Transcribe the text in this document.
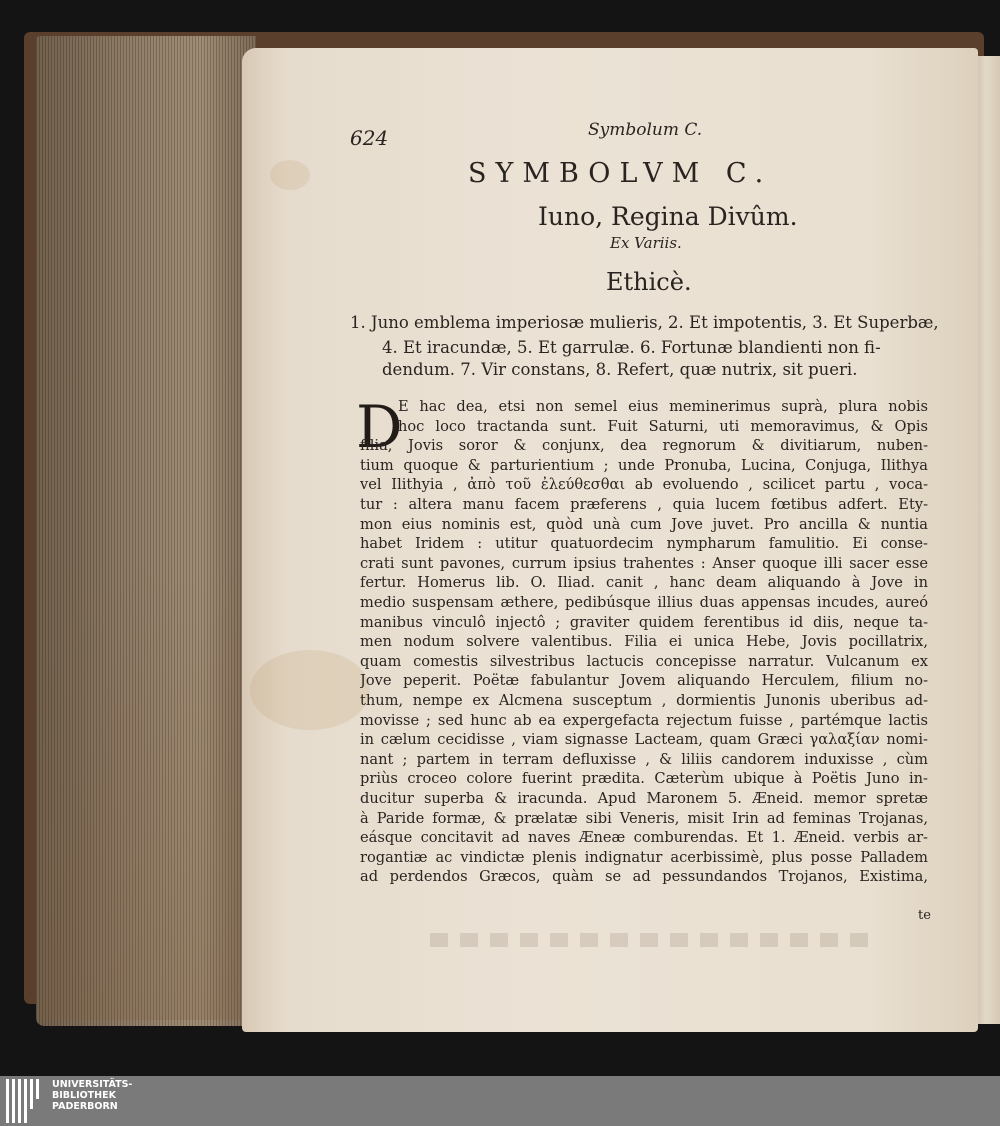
624	Symbolum C.
SYMBOLVM C.
Iuno, Regina Divûm.
Ex Variis.
Ethicè.
1. Juno emblema imperiosæ mulieris, 2. Et impotentis, 3. Et Superbæ,
4. Et iracundæ, 5. Et garrulæ. 6. Fortunæ blandienti non fi-
dendum. 7. Vir constans, 8. Refert, quæ nutrix, sit pueri.
D
E hac dea, etsi non semel eius meminerimus suprà, plura nobis
hoc loco tractanda sunt. Fuit Saturni, uti memoravimus, & Opis
filia, Jovis soror & conjunx, dea regnorum & divitiarum, nuben-
tium quoque & parturientium ; unde Pronuba, Lucina, Conjuga, Ilithya
vel Ilithyia , ἀπὸ τοῦ ἐλεύθεσθαι ab evoluendo , scilicet partu , voca-
tur : altera manu facem præferens , quia lucem fœtibus adfert. Ety-
mon eius nominis est, quòd unà cum Jove juvet. Pro ancilla & nuntia
habet Iridem : utitur quatuordecim nympharum famulitio. Ei conse-
crati sunt pavones, currum ipsius trahentes : Anser quoque illi sacer esse
fertur. Homerus lib. O. Iliad. canit , hanc deam aliquando à Jove in
medio suspensam æthere, pedibúsque illius duas appensas incudes, aureó
manibus vinculô injectô ; graviter quidem ferentibus id diis, neque ta-
men nodum solvere valentibus. Filia ei unica Hebe, Jovis pocillatrix,
quam comestis silvestribus lactucis concepisse narratur. Vulcanum ex
Jove peperit. Poëtæ fabulantur Jovem aliquando Herculem, filium no-
thum, nempe ex Alcmena susceptum , dormientis Junonis uberibus ad-
movisse ; sed hunc ab ea expergefacta rejectum fuisse , partémque lactis
in cælum cecidisse , viam signasse Lacteam, quam Græci γαλαξίαν nomi-
nant ; partem in terram defluxisse , & liliis candorem induxisse , cùm
priùs croceo colore fuerint prædita. Cæterùm ubique à Poëtis Juno in-
ducitur superba & iracunda. Apud Maronem 5. Æneid. memor spretæ
à Paride formæ, & prælatæ sibi Veneris, misit Irin ad feminas Trojanas,
eásque concitavit ad naves Æneæ comburendas. Et 1. Æneid. verbis ar-
rogantiæ ac vindictæ plenis indignatur acerbissimè, plus posse Palladem
ad perdendos Græcos, quàm se ad pessundandos Trojanos, Existima,
te
UNIVERSITÄTS-
BIBLIOTHEK
PADERBORN
